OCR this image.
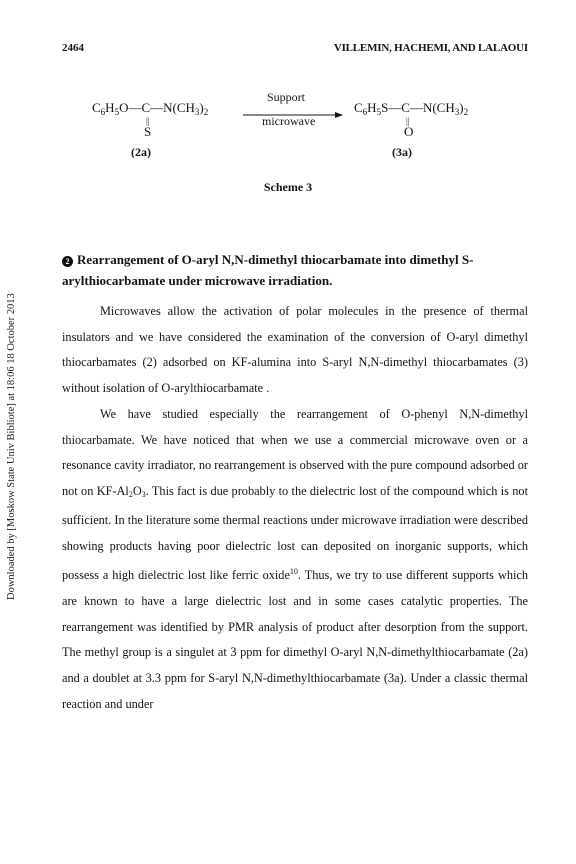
2464	VILLEMIN, HACHEMI, AND LALAOUI
$C_6H_5O—C—N(CH_3)_2$
||
S
(2a)
Support
microwave
$C_6H_5S—C—N(CH_3)_2$
||
O
(3a)
Scheme 3
Downloaded by [Moskow State Univ Bibliote] at 18:06 18 October 2013
2 Rearrangement of O-aryl N,N-dimethyl thiocarbamate into dimethyl S-arylthiocarbamate under microwave irradiation.

Microwaves allow the activation of polar molecules in the presence of thermal insulators and we have considered the examination of the conversion of O-aryl dimethyl thiocarbamates (2) adsorbed on KF-alumina into S-aryl N,N-dimethyl thiocarbamates (3) without isolation of O-arylthiocarbamate .

We have studied especially the rearrangement of O-phenyl N,N-dimethyl thiocarbamate. We have noticed that when we use a commercial microwave oven or a resonance cavity irradiator, no rearrangement is observed with the pure compound adsorbed or not on KF-Al2O3. This fact is due probably to the dielectric lost of the compound which is not sufficient. In the literature some thermal reactions under microwave irradiation were described showing products having poor dielectric lost can deposited on inorganic supports, which possess a high dielectric lost like ferric oxide$^{10}$. Thus, we try to use different supports which are known to have a large dielectric lost and in some cases catalytic properties. The rearrangement was identified by PMR analysis of product after desorption from the support. The methyl group is a singulet at 3 ppm for dimethyl O-aryl N,N-dimethylthiocarbamate (2a) and a doublet at 3.3 ppm for S-aryl N,N-dimethylthiocarbamate (3a). Under a classic thermal reaction and under
